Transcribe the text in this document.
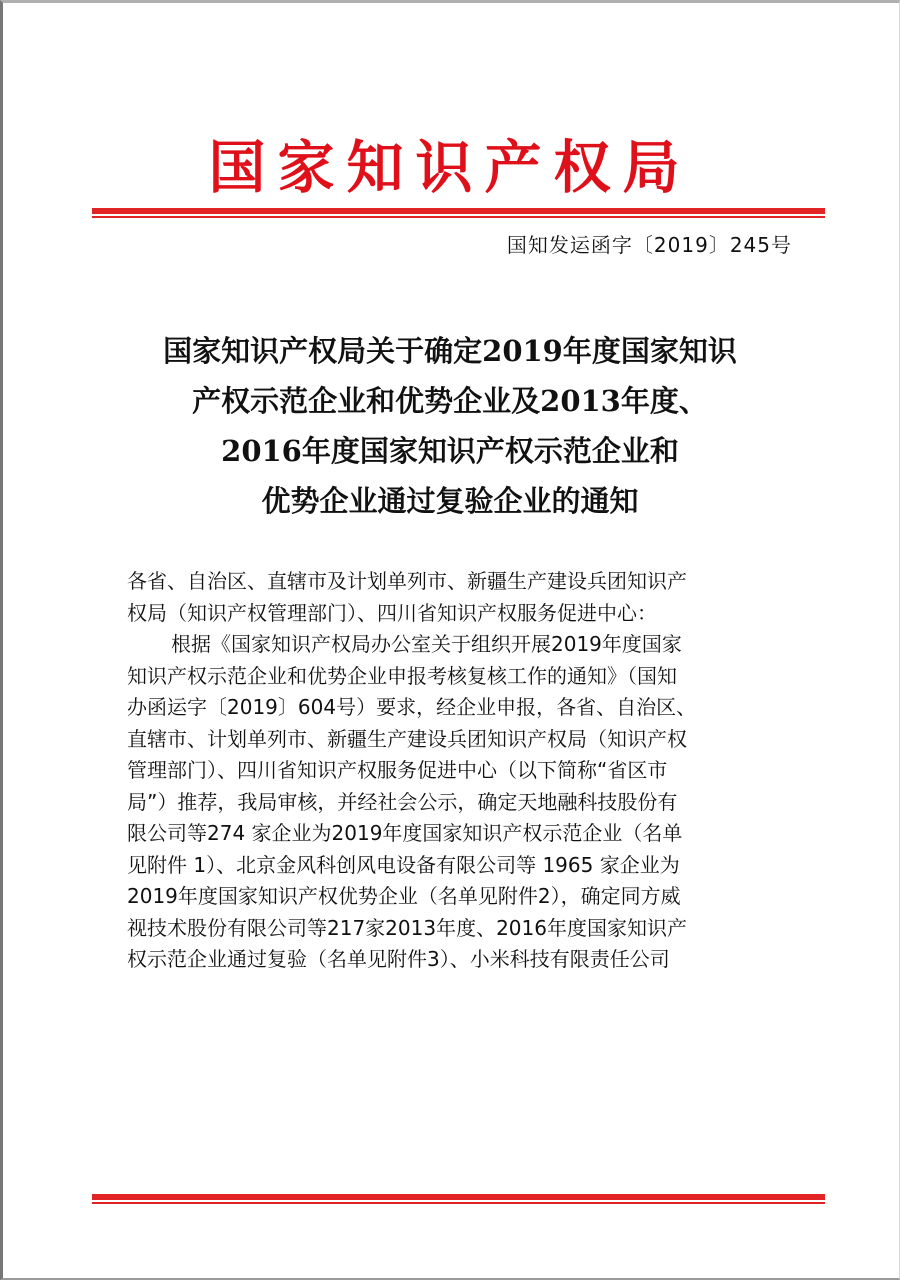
国家知识产权局
国知发运函字〔2019〕245号
国家知识产权局关于确定2019年度国家知识
产权示范企业和优势企业及2013年度、
2016年度国家知识产权示范企业和
优势企业通过复验企业的通知
各省、自治区、直辖市及计划单列市、新疆生产建设兵团知识产
权局（知识产权管理部门）、四川省知识产权服务促进中心：
根据《国家知识产权局办公室关于组织开展2019年度国家
知识产权示范企业和优势企业申报考核复核工作的通知》（国知
办函运字〔2019〕604号）要求，经企业申报，各省、自治区、
直辖市、计划单列市、新疆生产建设兵团知识产权局（知识产权
管理部门）、四川省知识产权服务促进中心（以下简称“省区市
局”）推荐，我局审核，并经社会公示，确定天地融科技股份有
限公司等274 家企业为2019年度国家知识产权示范企业（名单
见附件 1）、北京金风科创风电设备有限公司等 1965 家企业为
2019年度国家知识产权优势企业（名单见附件2），确定同方威
视技术股份有限公司等217家2013年度、2016年度国家知识产
权示范企业通过复验（名单见附件3）、小米科技有限责任公司
